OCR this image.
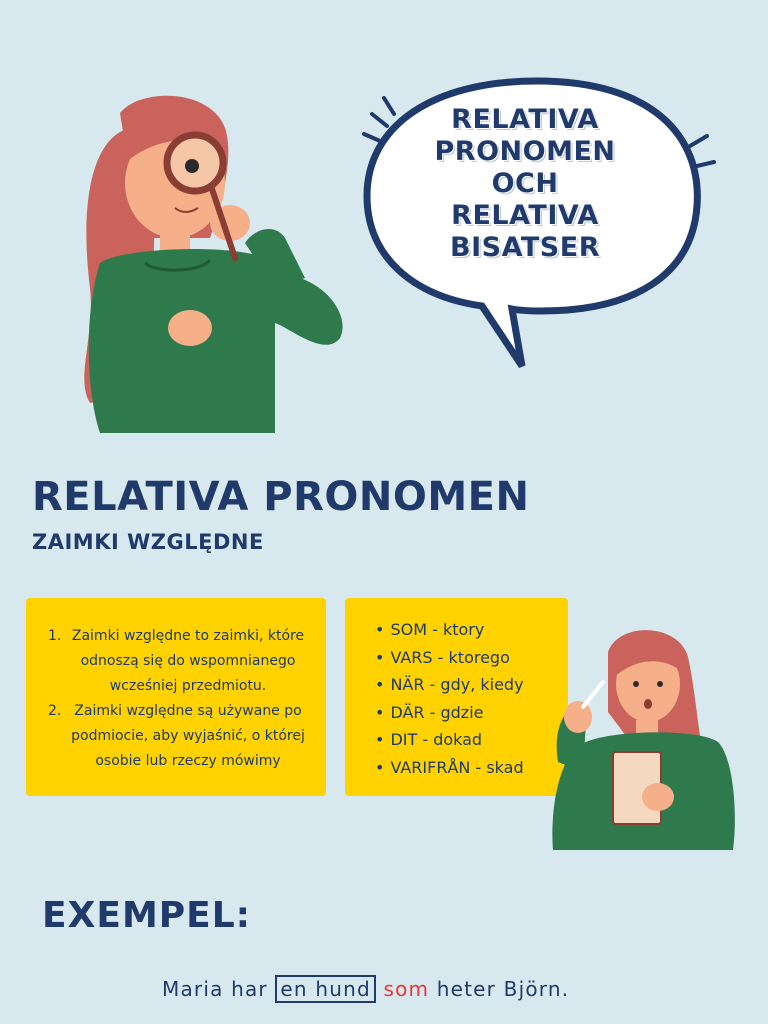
RELATIVA
PRONOMEN
OCH
RELATIVA
BISATSER
RELATIVA PRONOMEN
ZAIMKI WZGLĘDNE
1. Zaimki względne to zaimki, które odnoszą się do wspomnianego wcześniej przedmiotu.
2. Zaimki względne są używane po podmiocie, aby wyjaśnić, o której osobie lub rzeczy mówimy
• SOM - ktory
• VARS - ktorego
• NÄR - gdy, kiedy
• DÄR - gdzie
• DIT - dokad
• VARIFRÅN - skad
EXEMPEL:
Maria har en hund som heter Björn.
